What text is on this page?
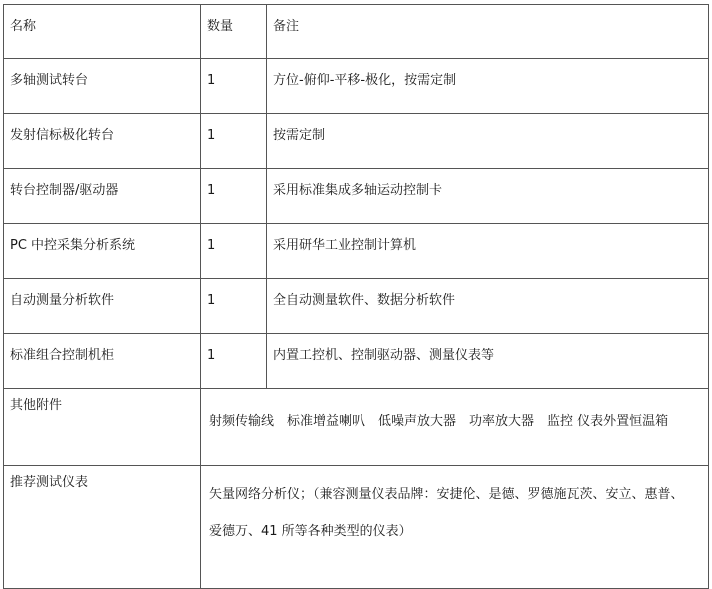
名称	数量	备注
多轴测试转台	1	方位-俯仰-平移-极化，按需定制
发射信标极化转台	1	按需定制
转台控制器/驱动器	1	采用标准集成多轴运动控制卡
PC 中控采集分析系统	1	采用研华工业控制计算机
自动测量分析软件	1	全自动测量软件、数据分析软件
标准组合控制机柜	1	内置工控机、控制驱动器、测量仪表等
其他附件	射频传输线　标准增益喇叭　低噪声放大器　功率放大器　监控 仪表外置恒温箱	
推荐测试仪表	矢量网络分析仪；（兼容测量仪表品牌：安捷伦、是德、罗德施瓦茨、安立、惠普、爱德万、41 所等各种类型的仪表）	
